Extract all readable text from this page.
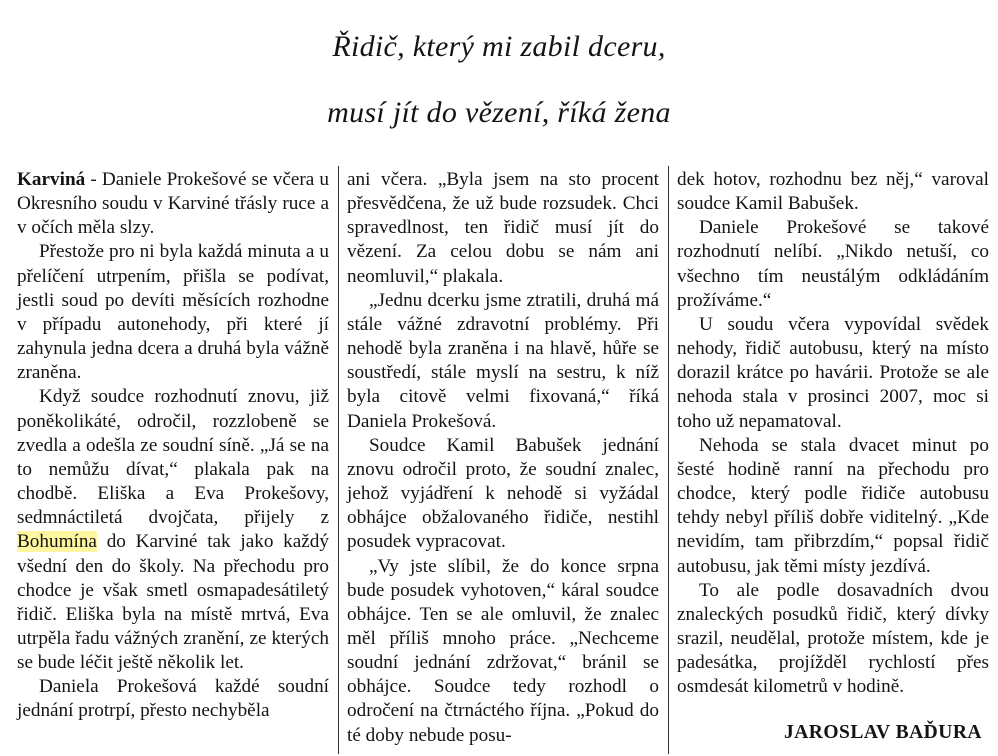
Řidič, který mi zabil dceru,
musí jít do vězení, říká žena

Karviná - Daniele Prokešové se včera u Okresního soudu v Karviné třásly ruce a v očích měla slzy.

Přestože pro ni byla každá minuta a u přelíčení utrpením, přišla se podívat, jestli soud po devíti měsících rozhodne v případu autonehody, při které jí zahynula jedna dcera a druhá byla vážně zraněna.

Když soudce rozhodnutí znovu, již poněkolikáté, odročil, rozzlobeně se zvedla a odešla ze soudní síně. „Já se na to nemůžu dívat,“ plakala pak na chodbě. Eliška a Eva Prokešovy, sedmnáctiletá dvojčata, přijely z Bohumína do Karviné tak jako každý všední den do školy. Na přechodu pro chodce je však smetl osmapadesátiletý řidič. Eliška byla na místě mrtvá, Eva utrpěla řadu vážných zranění, ze kterých se bude léčit ještě několik let.

Daniela Prokešová každé soudní jednání protrpí, přesto nechyběla

ani včera. „Byla jsem na sto procent přesvědčena, že už bude rozsudek. Chci spravedlnost, ten řidič musí jít do vězení. Za celou dobu se nám ani neomluvil,“ plakala.

„Jednu dcerku jsme ztratili, druhá má stále vážné zdravotní problémy. Při nehodě byla zraněna i na hlavě, hůře se soustředí, stále myslí na sestru, k níž byla citově velmi fixovaná,“ říká Daniela Prokešová.

Soudce Kamil Babušek jednání znovu odročil proto, že soudní znalec, jehož vyjádření k nehodě si vyžádal obhájce obžalovaného řidiče, nestihl posudek vypracovat.

„Vy jste slíbil, že do konce srpna bude posudek vyhotoven,“ káral soudce obhájce. Ten se ale omluvil, že znalec měl příliš mnoho práce. „Nechceme soudní jednání zdržovat,“ bránil se obhájce. Soudce tedy rozhodl o odročení na čtrnáctého října. „Pokud do té doby nebude posu-

dek hotov, rozhodnu bez něj,“ varoval soudce Kamil Babušek.

Daniele Prokešové se takové rozhodnutí nelíbí. „Nikdo netuší, co všechno tím neustálým odkládáním prožíváme.“

U soudu včera vypovídal svědek nehody, řidič autobusu, který na místo dorazil krátce po havárii. Protože se ale nehoda stala v prosinci 2007, moc si toho už nepamatoval.

Nehoda se stala dvacet minut po šesté hodině ranní na přechodu pro chodce, který podle řidiče autobusu tehdy nebyl příliš dobře viditelný. „Kde nevidím, tam přibrzdím,“ popsal řidič autobusu, jak těmi místy jezdívá.

To ale podle dosavadních dvou znaleckých posudků řidič, který dívky srazil, neudělal, protože místem, kde je padesátka, projížděl rychlostí přes osmdesát kilometrů v hodině.

JAROSLAV BAĎURA
